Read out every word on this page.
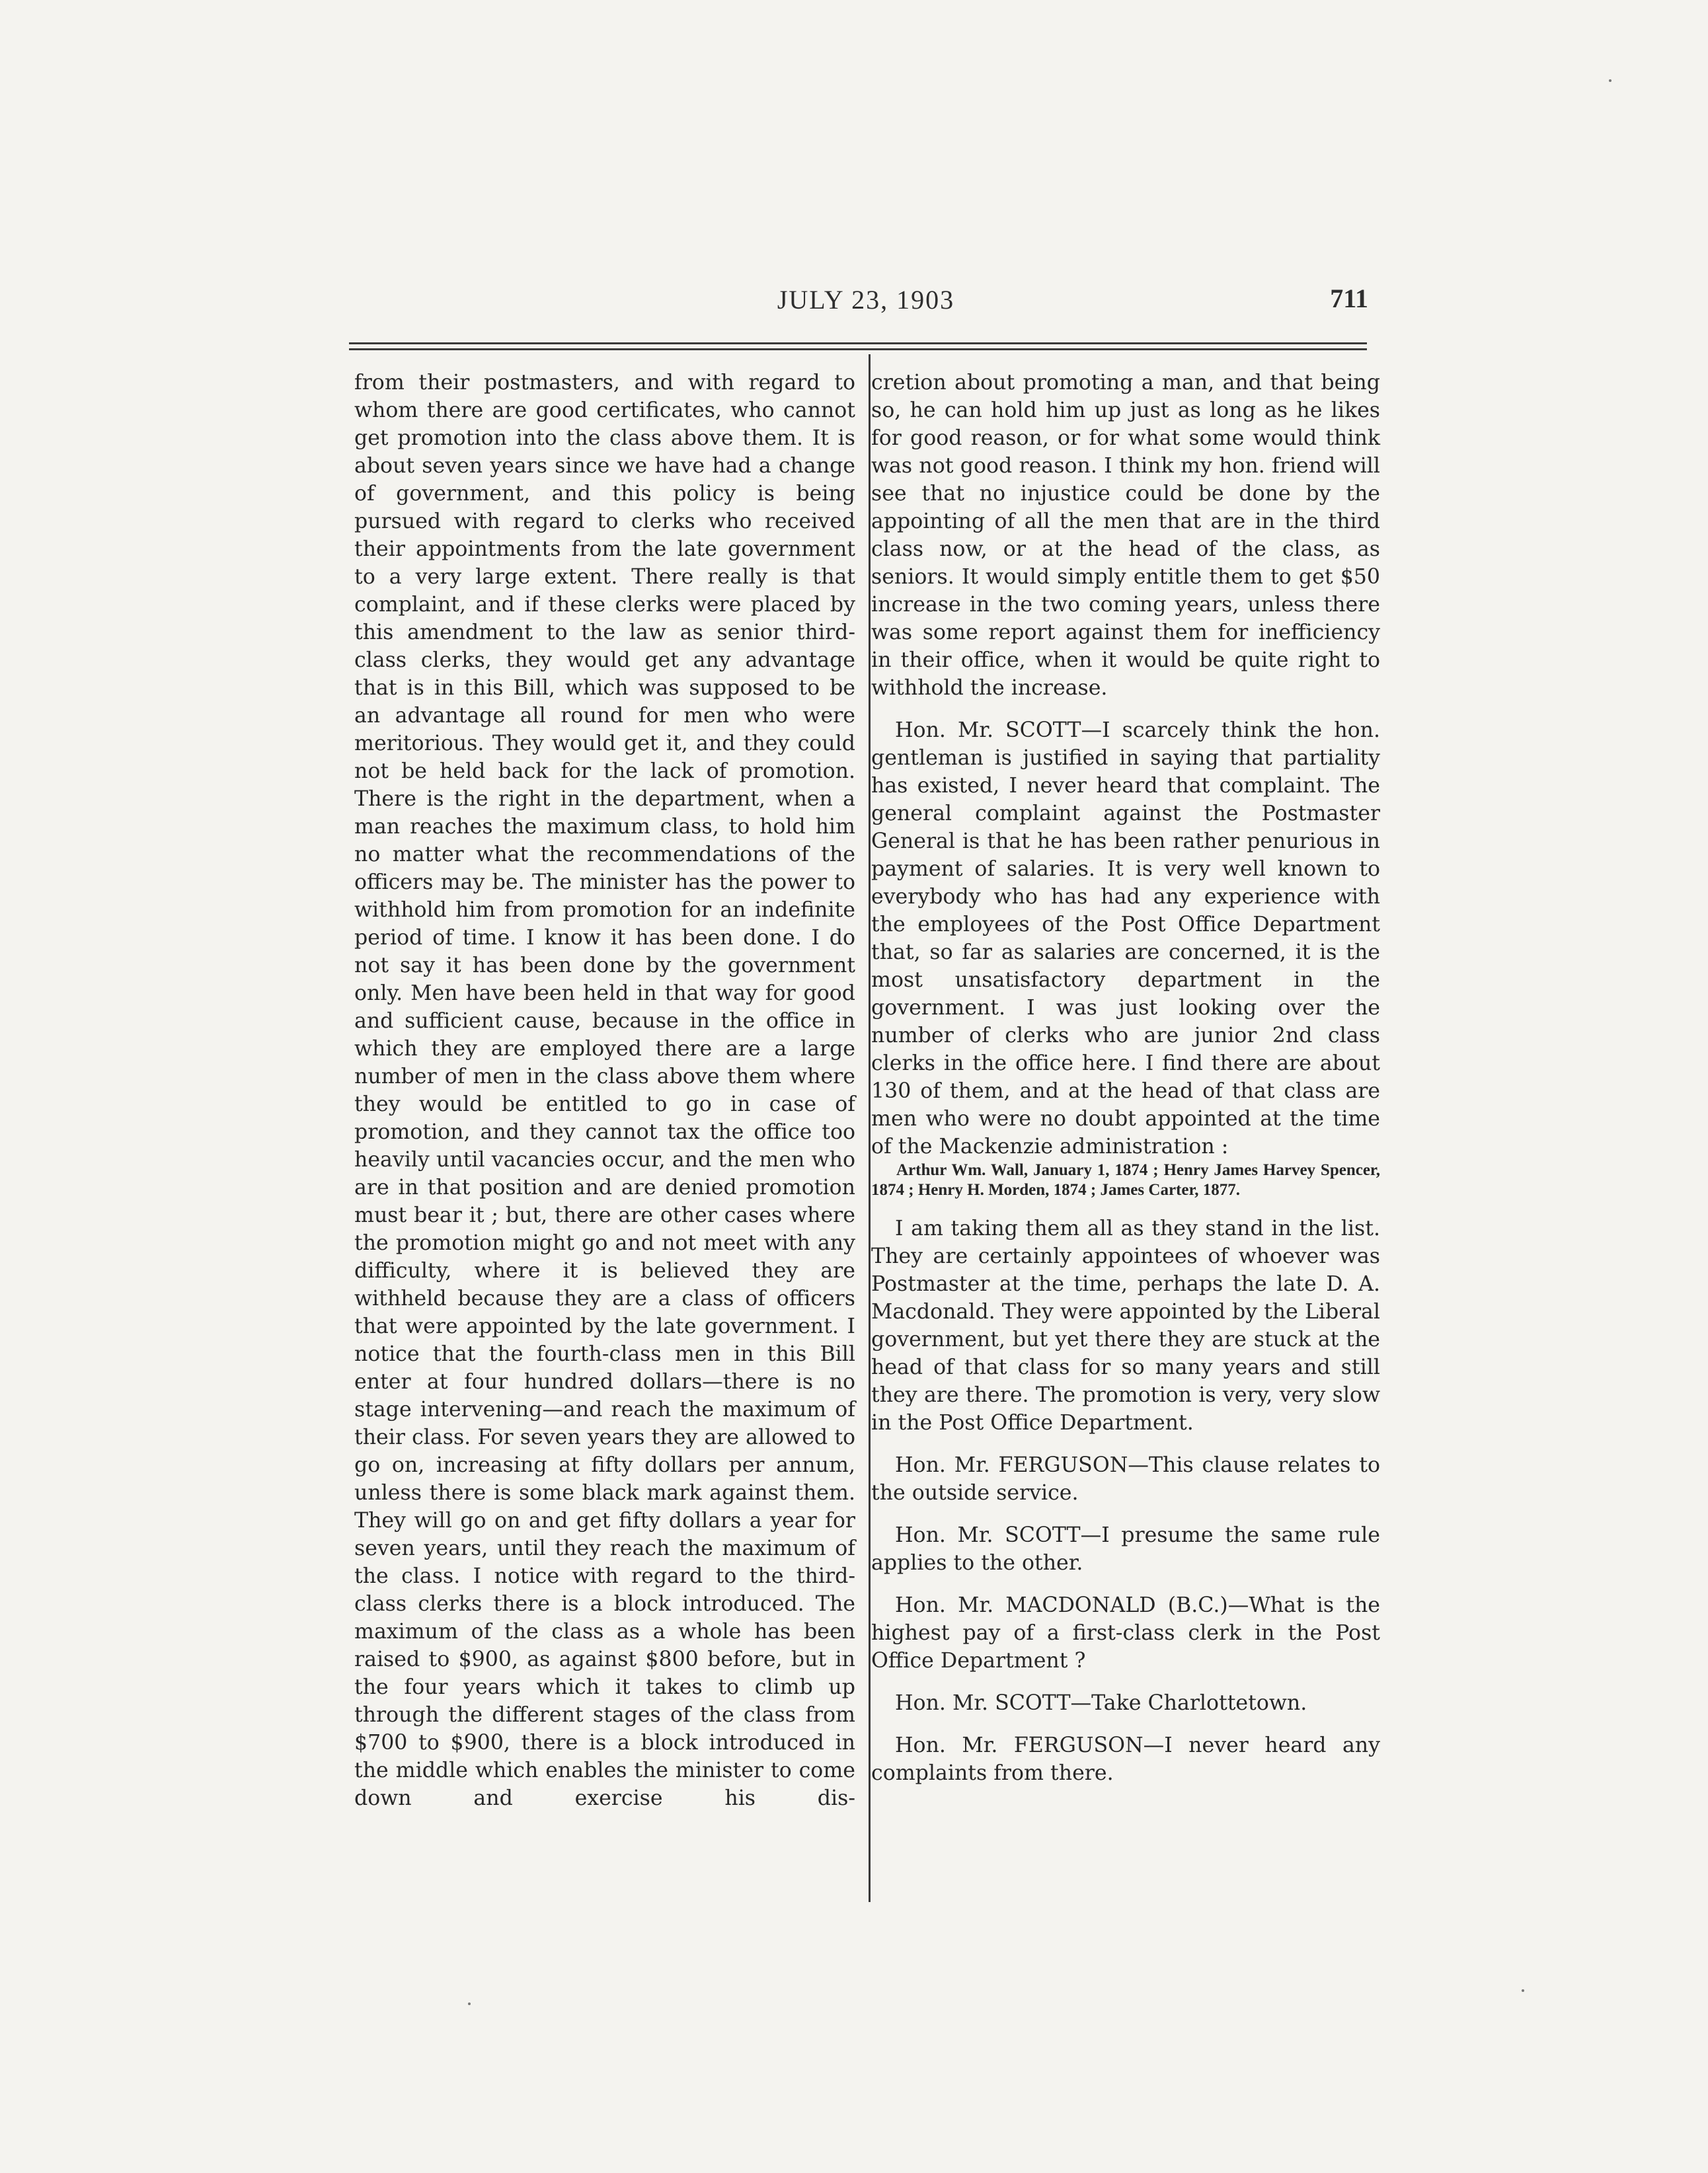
JULY 23, 1903	711

from their postmasters, and with regard to whom there are good certificates, who cannot get promotion into the class above them. It is about seven years since we have had a change of government, and this policy is being pursued with regard to clerks who received their appointments from the late government to a very large extent. There really is that complaint, and if these clerks were placed by this amendment to the law as senior third-class clerks, they would get any advantage that is in this Bill, which was supposed to be an advantage all round for men who were meritorious. They would get it, and they could not be held back for the lack of promotion. There is the right in the department, when a man reaches the maximum class, to hold him no matter what the recommendations of the officers may be. The minister has the power to withhold him from promotion for an indefinite period of time. I know it has been done. I do not say it has been done by the government only. Men have been held in that way for good and sufficient cause, because in the office in which they are employed there are a large number of men in the class above them where they would be entitled to go in case of promotion, and they cannot tax the office too heavily until vacancies occur, and the men who are in that position and are denied promotion must bear it ; but, there are other cases where the promotion might go and not meet with any difficulty, where it is believed they are withheld because they are a class of officers that were appointed by the late government. I notice that the fourth-class men in this Bill enter at four hundred dollars—there is no stage intervening—and reach the maximum of their class. For seven years they are allowed to go on, increasing at fifty dollars per annum, unless there is some black mark against them. They will go on and get fifty dollars a year for seven years, until they reach the maximum of the class. I notice with regard to the third-class clerks there is a block introduced. The maximum of the class as a whole has been raised to $900, as against $800 before, but in the four years which it takes to climb up through the different stages of the class from $700 to $900, there is a block introduced in the middle which enables the minister to come down and exercise his dis-

cretion about promoting a man, and that being so, he can hold him up just as long as he likes for good reason, or for what some would think was not good reason. I think my hon. friend will see that no injustice could be done by the appointing of all the men that are in the third class now, or at the head of the class, as seniors. It would simply entitle them to get $50 increase in the two coming years, unless there was some report against them for inefficiency in their office, when it would be quite right to withhold the increase.

Hon. Mr. SCOTT—I scarcely think the hon. gentleman is justified in saying that partiality has existed, I never heard that complaint. The general complaint against the Postmaster General is that he has been rather penurious in payment of salaries. It is very well known to everybody who has had any experience with the employees of the Post Office Department that, so far as salaries are concerned, it is the most unsatisfactory department in the government. I was just looking over the number of clerks who are junior 2nd class clerks in the office here. I find there are about 130 of them, and at the head of that class are men who were no doubt appointed at the time of the Mackenzie administration :

Arthur Wm. Wall, January 1, 1874 ; Henry James Harvey Spencer, 1874 ; Henry H. Morden, 1874 ; James Carter, 1877.

I am taking them all as they stand in the list. They are certainly appointees of whoever was Postmaster at the time, perhaps the late D. A. Macdonald. They were appointed by the Liberal government, but yet there they are stuck at the head of that class for so many years and still they are there. The promotion is very, very slow in the Post Office Department.

Hon. Mr. FERGUSON—This clause relates to the outside service.

Hon. Mr. SCOTT—I presume the same rule applies to the other.

Hon. Mr. MACDONALD (B.C.)—What is the highest pay of a first-class clerk in the Post Office Department ?

Hon. Mr. SCOTT—Take Charlottetown.

Hon. Mr. FERGUSON—I never heard any complaints from there.
